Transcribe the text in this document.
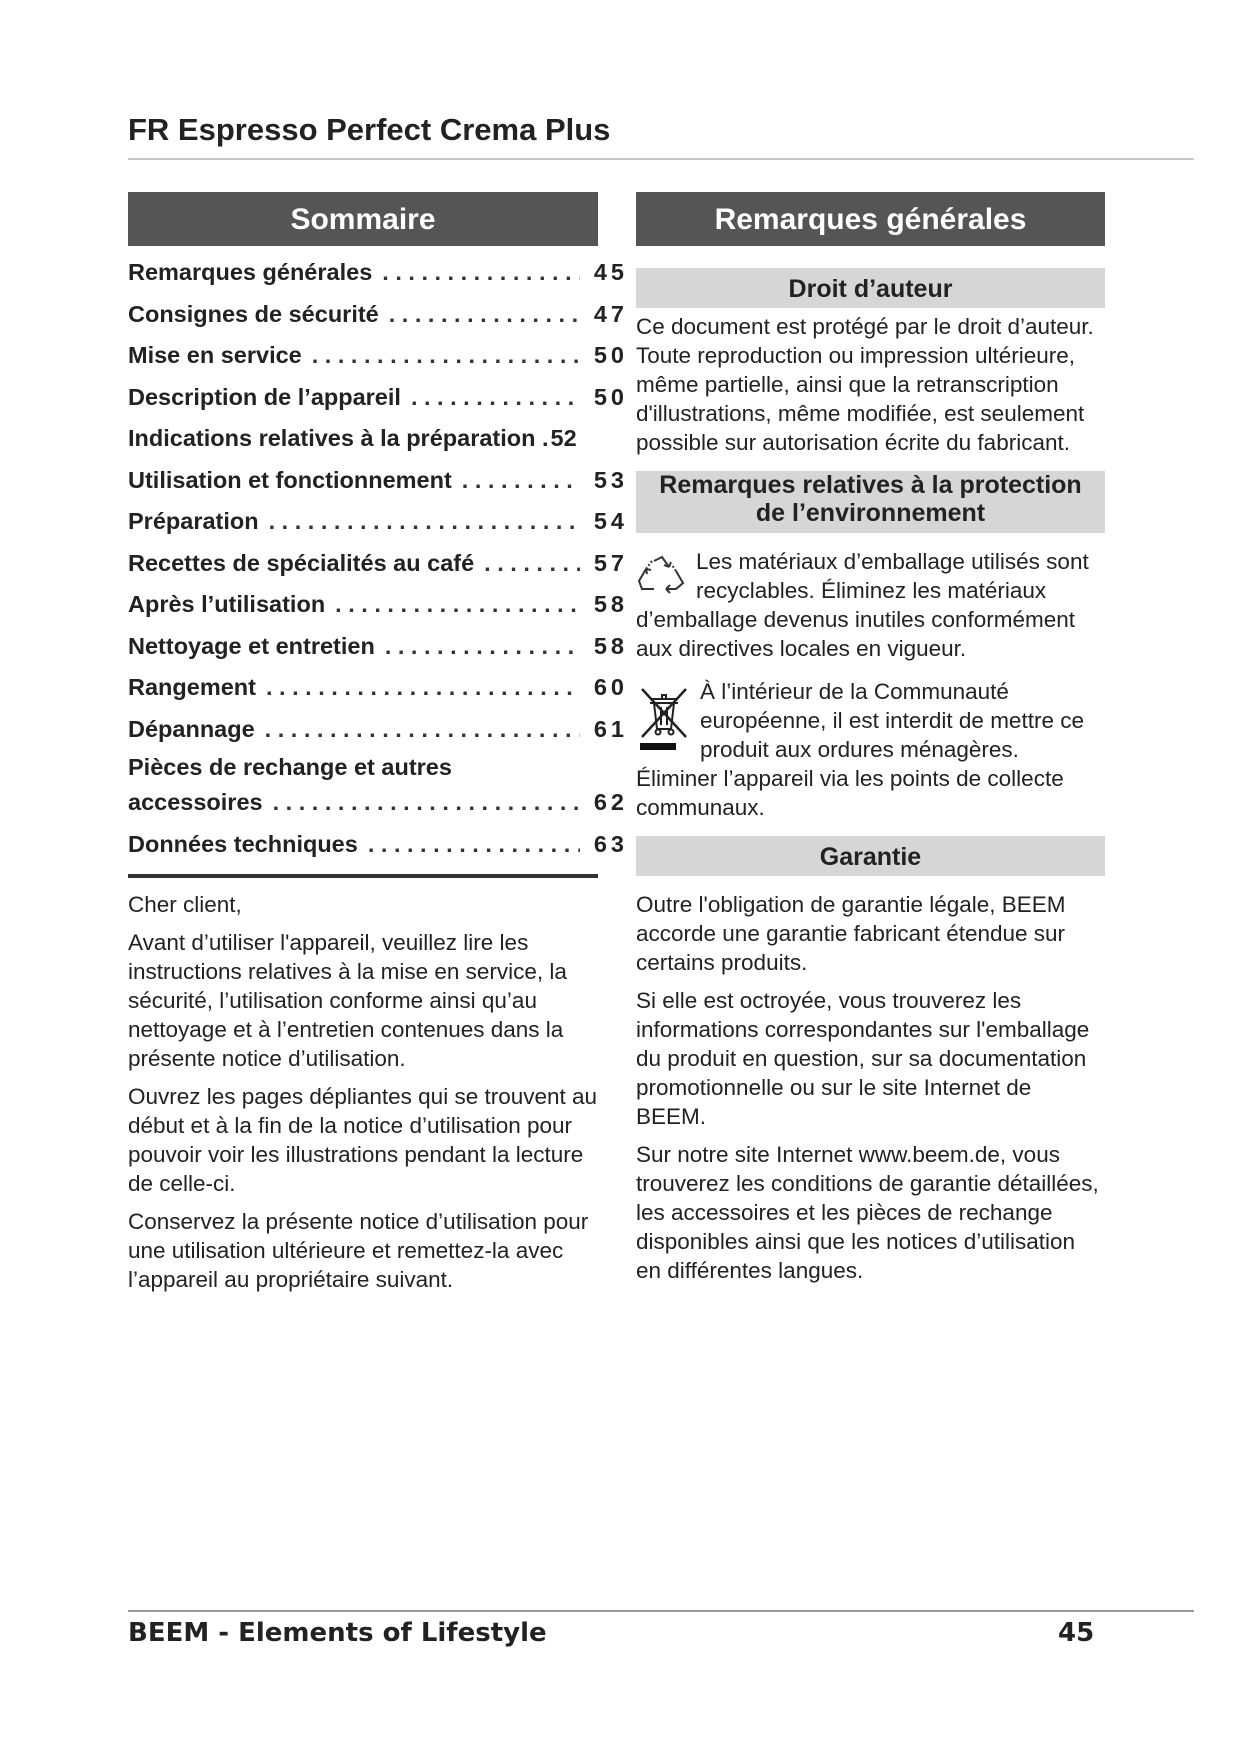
FR Espresso Perfect Crema Plus
Sommaire
Remarques générales . . .	45
Consignes de sécurité . . .	47
Mise en service . . .	50
Description de l’appareil . . .	50
Indications relatives à la préparation . 52
Utilisation et fonctionnement . . .	53
Préparation . . .	54
Recettes de spécialités au café . . .	57
Après l’utilisation . . .	58
Nettoyage et entretien . . .	58
Rangement . . .	60
Dépannage . . .	61
Pièces de rechange et autres
accessoires . . .	62
Données techniques . . .	63

Cher client,

Avant d’utiliser l'appareil, veuillez lire les instructions relatives à la mise en service, la sécurité, l’utilisation conforme ainsi qu’au nettoyage et à l’entretien contenues dans la présente notice d’utilisation.

Ouvrez les pages dépliantes qui se trouvent au début et à la fin de la notice d’utilisation pour pouvoir voir les illustrations pendant la lecture de celle-ci.

Conservez la présente notice d’utilisation pour une utilisation ultérieure et remettez-la avec l’appareil au propriétaire suivant.

Remarques générales
Droit d’auteur

Ce document est protégé par le droit d’auteur. Toute reproduction ou impression ultérieure, même partielle, ainsi que la retranscription d'illustrations, même modifiée, est seulement possible sur autorisation écrite du fabricant.

Remarques relatives à la protection
de l’environnement
Les matériaux d’emballage utilisés sont recyclables. Éliminez les matériaux d’emballage devenus inutiles conformément aux directives locales en vigueur.
À l’intérieur de la Communauté européenne, il est interdit de mettre ce produit aux ordures ménagères. Éliminer l’appareil via les points de collecte communaux.
Garantie

Outre l'obligation de garantie légale, BEEM accorde une garantie fabricant étendue sur certains produits.

Si elle est octroyée, vous trouverez les informations correspondantes sur l'emballage du produit en question, sur sa documentation promotionnelle ou sur le site Internet de BEEM.

Sur notre site Internet www.beem.de, vous trouverez les conditions de garantie détaillées, les accessoires et les pièces de rechange disponibles ainsi que les notices d’utilisation en différentes langues.

BEEM - Elements of Lifestyle	45
